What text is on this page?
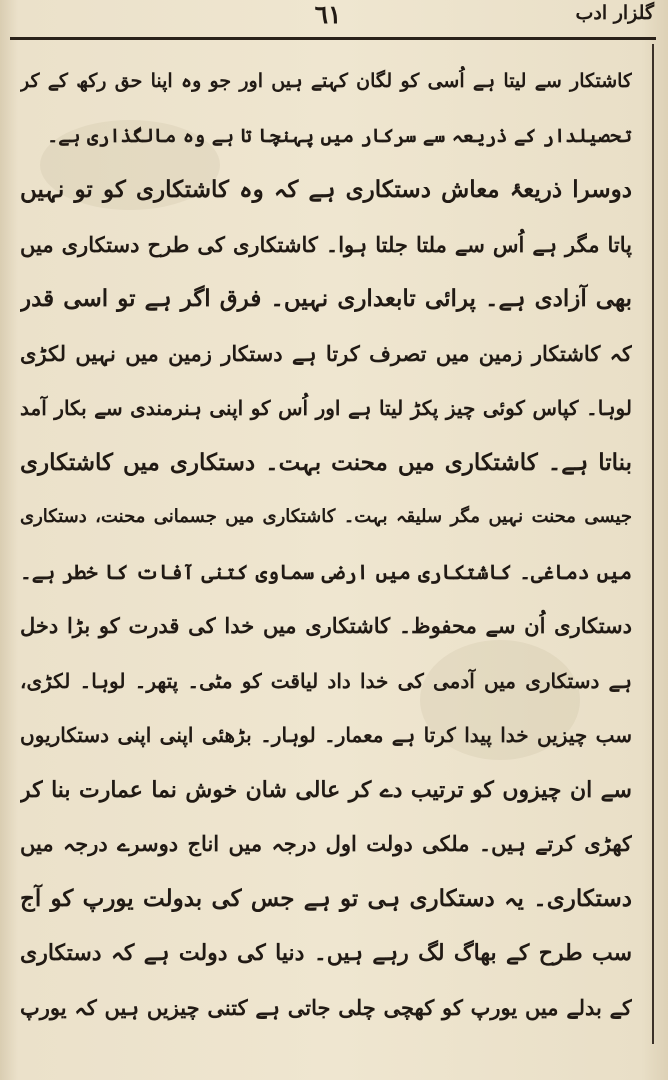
گلزار ادب
٦١
کاشتکار سے لیتا ہے اُسی کو لگان کہتے ہیں اور جو وہ اپنا حق رکھ کے کر
تحصیلدار کے ذریعہ سے سرکار میں پہنچا تا ہے وہ مالگذاری ہے۔
دوسرا ذریعۂ معاش دستکاری ہے کہ وہ کاشتکاری کو تو نہیں
پاتا مگر ہے اُس سے ملتا جلتا ہوا۔ کاشتکاری کی طرح دستکاری میں
بھی آزادی ہے۔ پرائی تابعداری نہیں۔ فرق اگر ہے تو اسی قدر
کہ کاشتکار زمین میں تصرف کرتا ہے دستکار زمین میں نہیں لکڑی
لوہا۔ کپاس کوئی چیز پکڑ لیتا ہے اور اُس کو اپنی ہنرمندی سے بکار آمد
بناتا ہے۔ کاشتکاری میں محنت بہت۔ دستکاری میں کاشتکاری
جیسی محنت نہیں مگر سلیقہ بہت۔ کاشتکاری میں جسمانی محنت، دستکاری
میں دماغی۔ کاشتکاری میں ارضی سماوی کتنی آفات کا خطر ہے۔
دستکاری اُن سے محفوظ۔ کاشتکاری میں خدا کی قدرت کو بڑا دخل
ہے دستکاری میں آدمی کی خدا داد لیاقت کو مٹی۔ پتھر۔ لوہا۔ لکڑی،
سب چیزیں خدا پیدا کرتا ہے معمار۔ لوہار۔ بڑھئی اپنی اپنی دستکاریوں
سے ان چیزوں کو ترتیب دے کر عالی شان خوش نما عمارت بنا کر
کھڑی کرتے ہیں۔ ملکی دولت اول درجہ میں اناج دوسرے درجہ میں
دستکاری۔ یہ دستکاری ہی تو ہے جس کی بدولت یورپ کو آج
سب طرح کے بھاگ لگ رہے ہیں۔ دنیا کی دولت ہے کہ دستکاری
کے بدلے میں یورپ کو کھچی چلی جاتی ہے کتنی چیزیں ہیں کہ یورپ
